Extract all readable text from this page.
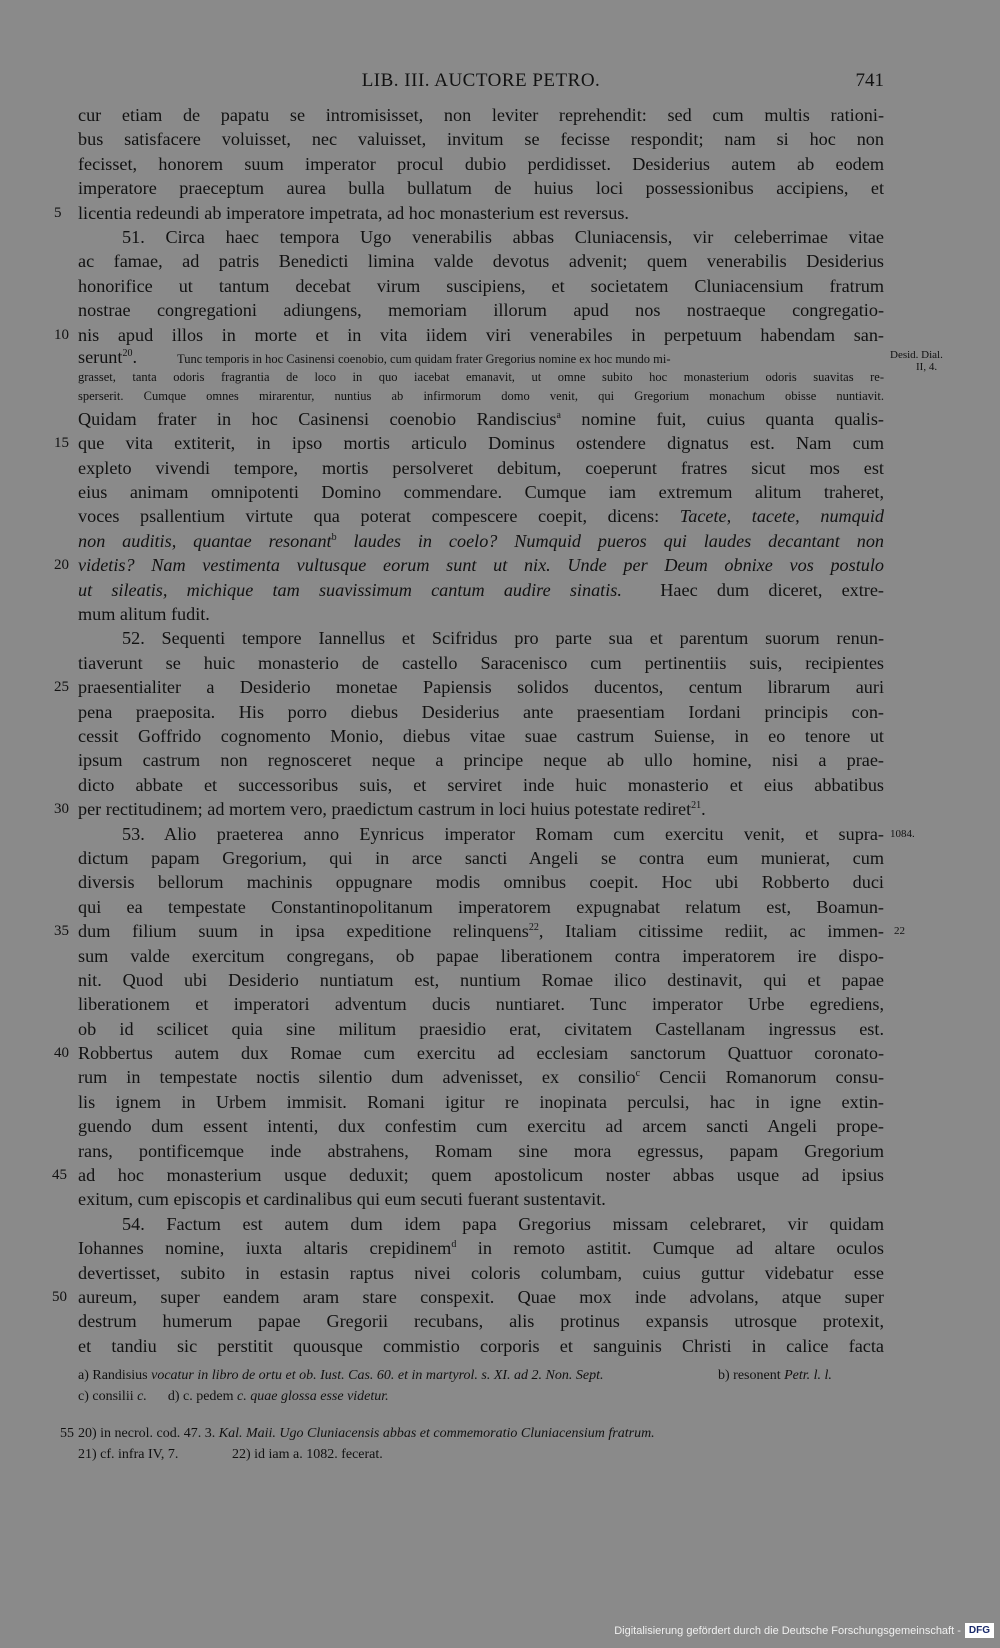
LIB. III. AUCTORE PETRO.	741
cur etiam de papatu se intromisisset, non leviter reprehendit: sed cum multis rationi-
bus satisfacere voluisset, nec valuisset, invitum se fecisse respondit; nam si hoc non
fecisset, honorem suum imperator procul dubio perdidisset. Desiderius autem ab eodem
imperatore praeceptum aurea bulla bullatum de huius loci possessionibus accipiens, et
5 licentia redeundi ab imperatore impetrata, ad hoc monasterium est reversus.
51. Circa haec tempora Ugo venerabilis abbas Cluniacensis, vir celeberrimae vitae
ac famae, ad patris Benedicti limina valde devotus advenit; quem venerabilis Desiderius
honorifice ut tantum decebat virum suscipiens, et societatem Cluniacensium fratrum
nostrae congregationi adiungens, memoriam illorum apud nos nostraeque congregatio-
10 nis apud illos in morte et in vita iidem viri venerabiles in perpetuum habendam san-
serunt$^{20}$.	Tunc temporis in hoc Casinensi coenobio, cum quidam frater Gregorius nomine ex hoc mundo mi-	Desid. Dial.
II, 4.
grasset, tanta odoris fragrantia de loco in quo iacebat emanavit, ut omne subito hoc monasterium odoris suavitas re-
sperserit. Cumque omnes mirarentur, nuntius ab infirmorum domo venit, qui Gregorium monachum obisse nuntiavit.
Quidam frater in hoc Casinensi coenobio Randiscius$^a$ nomine fuit, cuius quanta qualis-
15 que vita extiterit, in ipso mortis articulo Dominus ostendere dignatus est. Nam cum
expleto vivendi tempore, mortis persolveret debitum, coeperunt fratres sicut mos est
eius animam omnipotenti Domino commendare. Cumque iam extremum alitum traheret,
voces psallentium virtute qua poterat compescere coepit, dicens: Tacete, tacete, numquid
non auditis, quantae resonant$^b$ laudes in coelo? Numquid pueros qui laudes decantant non
20 videtis? Nam vestimenta vultusque eorum sunt ut nix. Unde per Deum obnixe vos postulo
ut sileatis, michique tam suavissimum cantum audire sinatis. Haec dum diceret, extre-
mum alitum fudit.
52. Sequenti tempore Iannellus et Scifridus pro parte sua et parentum suorum renun-
tiaverunt se huic monasterio de castello Saracenisco cum pertinentiis suis, recipientes
25 praesentialiter a Desiderio monetae Papiensis solidos ducentos, centum librarum auri
pena praeposita. His porro diebus Desiderius ante praesentiam Iordani principis con-
cessit Goffrido cognomento Monio, diebus vitae suae castrum Suiense, in eo tenore ut
ipsum castrum non regnosceret neque a principe neque ab ullo homine, nisi a prae-
dicto abbate et successoribus suis, et serviret inde huic monasterio et eius abbatibus
30 per rectitudinem; ad mortem vero, praedictum castrum in loci huius potestate rediret$^{21}$.
53. Alio praeterea anno Eynricus imperator Romam cum exercitu venit, et supra- 1084.
dictum papam Gregorium, qui in arce sancti Angeli se contra eum munierat, cum
diversis bellorum machinis oppugnare modis omnibus coepit. Hoc ubi Robberto duci
qui ea tempestate Constantinopolitanum imperatorem expugnabat relatum est, Boamun-
35 dum filium suum in ipsa expeditione relinquens$^{22}$, Italiam citissime rediit, ac immen- 22
sum valde exercitum congregans, ob papae liberationem contra imperatorem ire dispo-
nit. Quod ubi Desiderio nuntiatum est, nuntium Romae ilico destinavit, qui et papae
liberationem et imperatori adventum ducis nuntiaret. Tunc imperator Urbe egrediens,
ob id scilicet quia sine militum praesidio erat, civitatem Castellanam ingressus est.
40 Robbertus autem dux Romae cum exercitu ad ecclesiam sanctorum Quattuor coronato-
rum in tempestate noctis silentio dum advenisset, ex consilio$^c$ Cencii Romanorum consu-
lis ignem in Urbem immisit. Romani igitur re inopinata perculsi, hac in igne extin-
guendo dum essent intenti, dux confestim cum exercitu ad arcem sancti Angeli prope-
rans, pontificemque inde abstrahens, Romam sine mora egressus, papam Gregorium
45 ad hoc monasterium usque deduxit; quem apostolicum noster abbas usque ad ipsius
exitum, cum episcopis et cardinalibus qui eum secuti fuerant sustentavit.
54. Factum est autem dum idem papa Gregorius missam celebraret, vir quidam
Iohannes nomine, iuxta altaris crepidinem$^d$ in remoto astitit. Cumque ad altare oculos
devertisset, subito in estasin raptus nivei coloris columbam, cuius guttur videbatur esse
50 aureum, super eandem aram stare conspexit. Quae mox inde advolans, atque super
destrum humerum papae Gregorii recubans, alis protinus expansis utrosque protexit,
et tandiu sic perstitit quousque commistio corporis et sanguinis Christi in calice facta
a) Randisius vocatur in libro de ortu et ob. Iust. Cas. 60. et in martyrol. s. XI. ad 2. Non. Sept.	b) resonent Petr. l. l.
c) consilii c. d) c. pedem c. quae glossa esse videtur.
55 20) in necrol. cod. 47. 3. Kal. Maii. Ugo Cluniacensis abbas et commemoratio Cluniacensium fratrum.
21) cf. infra IV, 7.	22) id iam a. 1082. fecerat.
Digitalisierung gefördert durch die Deutsche Forschungsgemeinschaft - DFG
